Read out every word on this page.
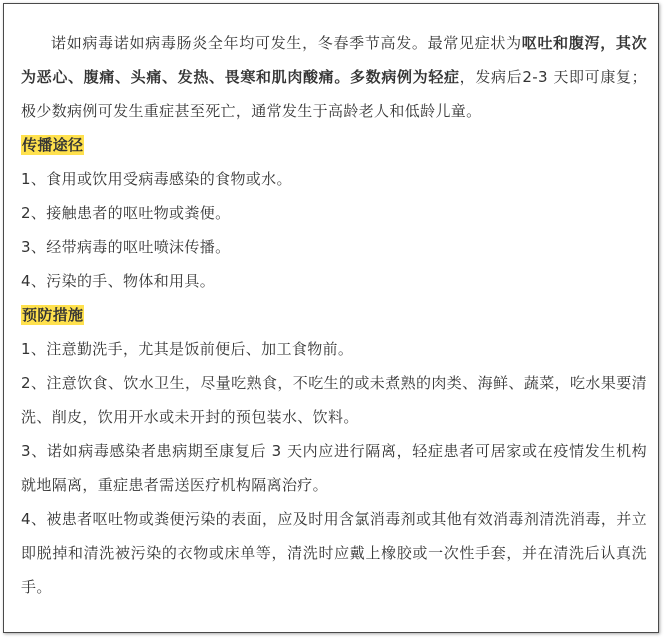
诺如病毒诺如病毒肠炎全年均可发生，冬春季节高发。最常见症状为呕吐和腹泻，其次为恶心、腹痛、头痛、发热、畏寒和肌肉酸痛。多数病例为轻症，发病后2-3 天即可康复；极少数病例可发生重症甚至死亡，通常发生于高龄老人和低龄儿童。

传播途径

1、食用或饮用受病毒感染的食物或水。

2、接触患者的呕吐物或粪便。

3、经带病毒的呕吐喷沫传播。

4、污染的手、物体和用具。

预防措施

1、注意勤洗手，尤其是饭前便后、加工食物前。

2、注意饮食、饮水卫生，尽量吃熟食，不吃生的或未煮熟的肉类、海鲜、蔬菜，吃水果要清洗、削皮，饮用开水或未开封的预包装水、饮料。

3、诺如病毒感染者患病期至康复后 3 天内应进行隔离，轻症患者可居家或在疫情发生机构就地隔离，重症患者需送医疗机构隔离治疗。

4、被患者呕吐物或粪便污染的表面，应及时用含氯消毒剂或其他有效消毒剂清洗消毒，并立即脱掉和清洗被污染的衣物或床单等，清洗时应戴上橡胶或一次性手套，并在清洗后认真洗手。
